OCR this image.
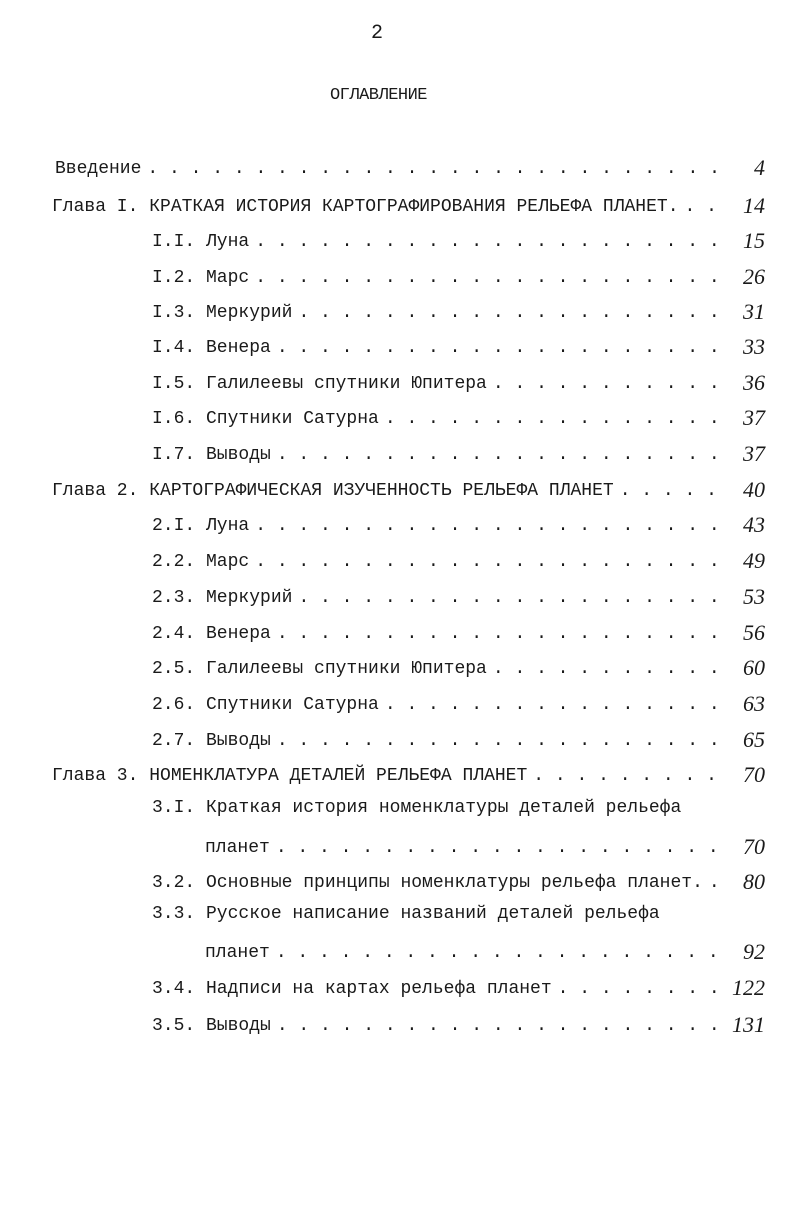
2
ОГЛАВЛЕНИЕ
Введение . . .	4
Глава I. КРАТКАЯ ИСТОРИЯ КАРТОГРАФИРОВАНИЯ РЕЛЬЕФА ПЛАНЕТ. . . .	14
I.I. Луна . . .	15
I.2. Марс . . .	26
I.3. Меркурий . . .	31
I.4. Венера . . .	33
I.5. Галилеевы спутники Юпитера . . .	36
I.6. Спутники Сатурна . . .	37
I.7. Выводы . . .	37
Глава 2. КАРТОГРАФИЧЕСКАЯ ИЗУЧЕННОСТЬ РЕЛЬЕФА ПЛАНЕТ . . .	40
2.I. Луна . . .	43
2.2. Марс . . .	49
2.3. Меркурий . . .	53
2.4. Венера . . .	56
2.5. Галилеевы спутники Юпитера . . .	60
2.6. Спутники Сатурна . . .	63
2.7. Выводы . . .	65
Глава 3. НОМЕНКЛАТУРА ДЕТАЛЕЙ РЕЛЬЕФА ПЛАНЕТ . . .	70
3.I. Краткая история номенклатуры деталей рельефа
планет . . .	70
3.2. Основные принципы номенклатуры рельефа планет. . . .	80
3.3. Русское написание названий деталей рельефа
планет . . .	92
3.4. Надписи на картах рельефа планет . . .	122
3.5. Выводы . . .	131
